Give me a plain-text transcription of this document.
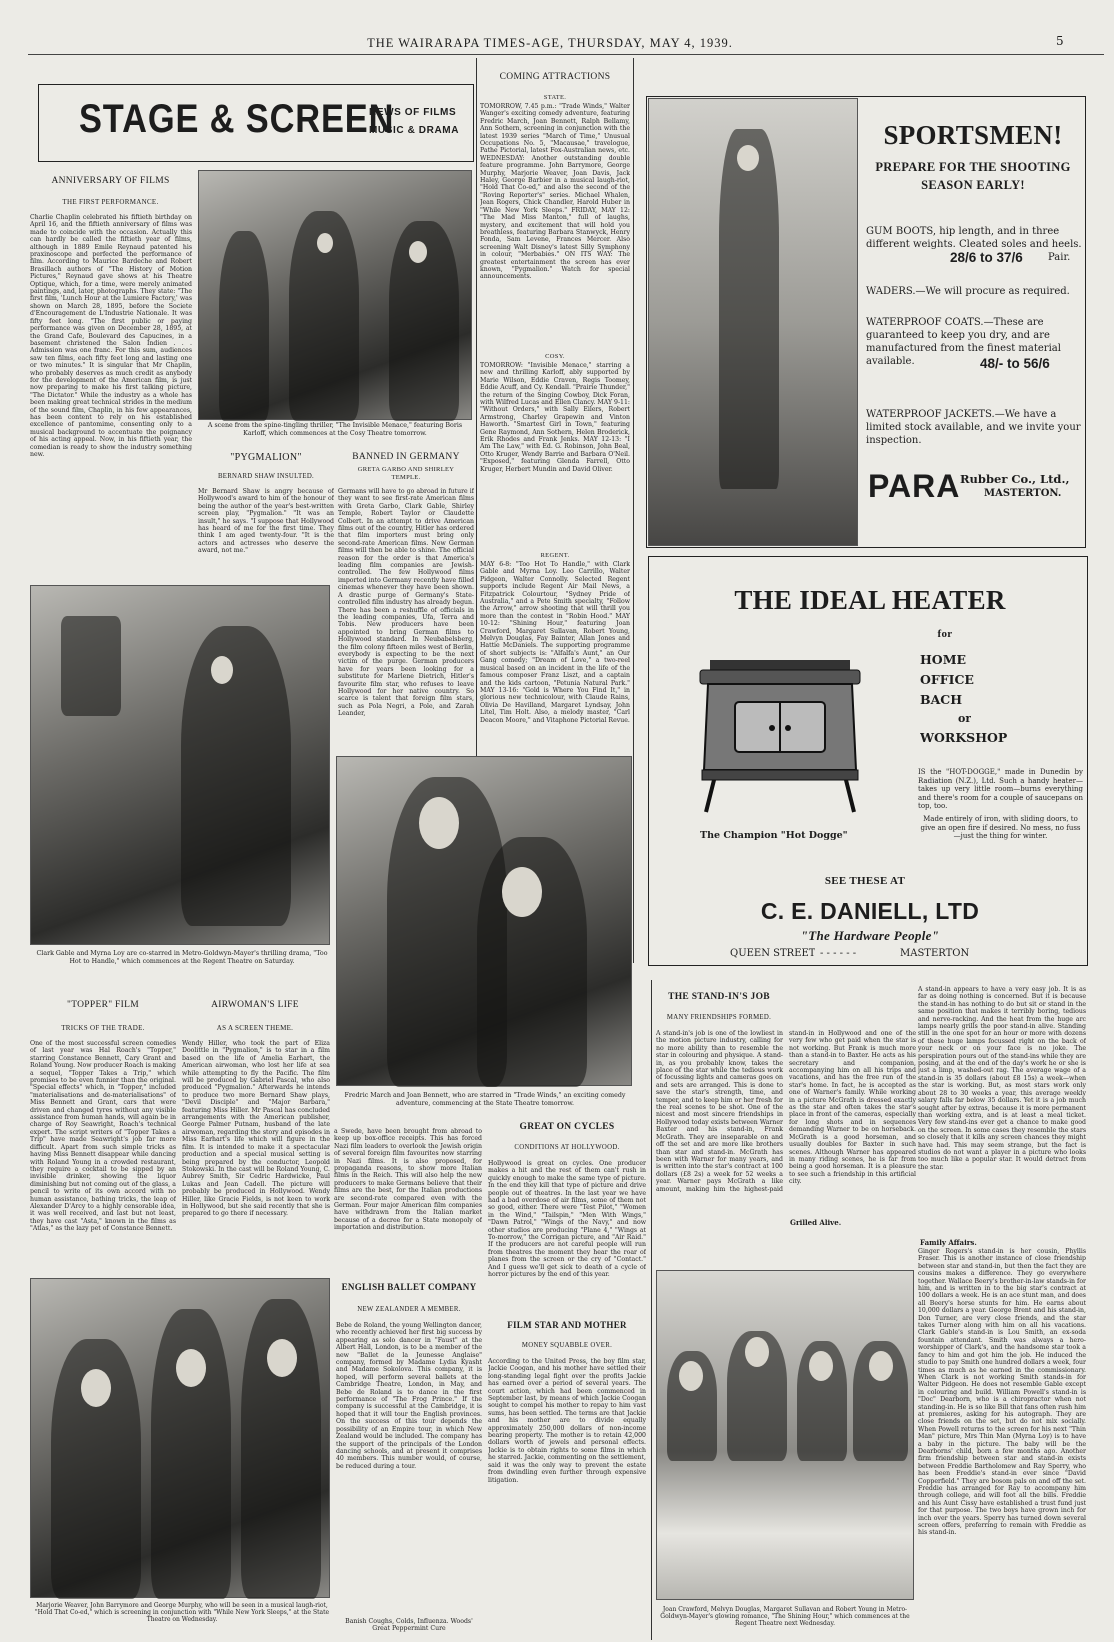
THE WAIRARAPA TIMES-AGE, THURSDAY, MAY 4, 1939.	5
STAGE & SCREEN
NEWS OF FILMS
MUSIC & DRAMA
ANNIVERSARY OF FILMS
THE FIRST PERFORMANCE.
Charlie Chaplin celebrated his fiftieth birthday on April 16, and the fiftieth anniversary of films was made to coincide with the occasion. Actually this can hardly be called the fiftieth year of films, although in 1889 Emile Reynaud patented his praxinoscope and perfected the performance of film. According to Maurice Bardeche and Robert Brasillach authors of "The History of Motion Pictures," Reynaud gave shows at his Theatre Optique, which, for a time, were merely animated paintings, and, later, photographs. They state: "The first film, 'Lunch Hour at the Lumiere Factory,' was shown on March 28, 1895, before the Societe d'Encouragement de L'Industrie Nationale. It was fifty feet long. "The first public or paying performance was given on December 28, 1895, at the Grand Cafe, Boulevard des Capucines, in a basement christened the Salon Indien . . . Admission was one franc. For this sum, audiences saw ten films, each fifty feet long and lasting one or two minutes." It is singular that Mr Chaplin, who probably deserves as much credit as anybody for the development of the American film, is just now preparing to make his first talking picture, "The Dictator." While the industry as a whole has been making great technical strides in the medium of the sound film, Chaplin, in his few appearances, has been content to rely on his established excellence of pantomime, consenting only to a musical background to accentuate the poignancy of his acting appeal. Now, in his fiftieth year, the comedian is ready to show the industry something new.
A scene from the spine-tingling thriller, "The Invisible Menace," featuring Boris Karloff, which commences at the Cosy Theatre tomorrow.
"PYGMALION"
BERNARD SHAW INSULTED.
Mr Bernard Shaw is angry because of Hollywood's award to him of the honour of being the author of the year's best-written screen play, "Pygmalion." "It was an insult," he says. "I suppose that Hollywood has heard of me for the first time. They think I am aged twenty-four. "It is the actors and actresses who deserve the award, not me."
BANNED IN GERMANY
GRETA GARBO AND SHIRLEY TEMPLE.
Germans will have to go abroad in future if they want to see first-rate American films with Greta Garbo, Clark Gable, Shirley Temple, Robert Taylor or Claudette Colbert. In an attempt to drive American films out of the country, Hitler has ordered that film importers must bring only second-rate American films. New German films will then be able to shine. The official reason for the order is that America's leading film companies are Jewish-controlled. The few Hollywood films imported into Germany recently have filled cinemas whenever they have been shown. A drastic purge of Germany's State-controlled film industry has already begun. There has been a reshuffle of officials in the leading companies, Ufa, Terra and Tobis. New producers have been appointed to bring German films to Hollywood standard. In Neubabelsberg, the film colony fifteen miles west of Berlin, everybody is expecting to be the next victim of the purge. German producers have for years been looking for a substitute for Marlene Dietrich, Hitler's favourite film star, who refuses to leave Hollywood for her native country. So scarce is talent that foreign film stars, such as Pola Negri, a Pole, and Zarah Leander,
Clark Gable and Myrna Loy are co-starred in Metro-Goldwyn-Mayer's thrilling drama, "Too Hot to Handle," which commences at the Regent Theatre on Saturday.
Fredric March and Joan Bennett, who are starred in "Trade Winds," an exciting comedy adventure, commencing at the State Theatre tomorrow.
COMING ATTRACTIONS
STATE.
TOMORROW, 7.45 p.m.: "Trade Winds," Walter Wanger's exciting comedy adventure, featuring Fredric March, Joan Bennett, Ralph Bellamy, Ann Sothern, screening in conjunction with the latest 1939 series "March of Time," Unusual Occupations No. 5, "Macausae," travelogue, Pathe Pictorial, latest Fox-Australian news, etc. WEDNESDAY: Another outstanding double feature programme. John Barrymore, George Murphy, Marjorie Weaver, Joan Davis, Jack Haley, George Barbier in a musical laugh-riot, "Hold That Co-ed," and also the second of the "Roving Reporter's" series. Michael Whalen, Jean Rogers, Chick Chandler, Harold Huber in "While New York Sleeps." FRIDAY, MAY 12: "The Mad Miss Manton," full of laughs, mystery, and excitement that will hold you breathless, featuring Barbara Stanwyck, Henry Fonda, Sam Levene, Frances Mercer. Also screening Walt Disney's latest Silly Symphony in colour, "Merbabies." ON ITS WAY: The greatest entertainment the screen has ever known, "Pygmalion." Watch for special announcements.
COSY.
TOMORROW: "Invisible Menace," starring a new and thrilling Karloff, ably supported by Marie Wilson, Eddie Craven, Regis Toomey, Eddie Acuff, and Cy. Kendall. "Prairie Thunder," the return of the Singing Cowboy, Dick Foran, with Wilfred Lucas and Ellen Clancy. MAY 9-11: "Without Orders," with Sally Eilers, Robert Armstrong, Charley Grapewin and Vinton Haworth. "Smartest Girl in Town," featuring Gene Raymond, Ann Sothern, Helen Broderick, Erik Rhodes and Frank Jenks. MAY 12-13: "I Am The Law," with Ed. G. Robinson, John Beal, Otto Kruger, Wendy Barrie and Barbara O'Neil. "Exposed," featuring Glenda Farrell, Otto Kruger, Herbert Mundin and David Oliver.
REGENT.
MAY 6-8: "Too Hot To Handle," with Clark Gable and Myrna Loy. Leo Carrillo, Walter Pidgeon, Walter Connolly. Selected Regent supports include Regent Air Mail News, a Fitzpatrick Colourtour, "Sydney Pride of Australia," and a Pete Smith specialty, "Follow the Arrow," arrow shooting that will thrill you more than the contest in "Robin Hood." MAY 10-12: "Shining Hour," featuring Joan Crawford, Margaret Sullavan, Robert Young, Melvyn Douglas, Fay Bainter, Allan Jones and Hattie McDaniels. The supporting programme of short subjects is: "Alfalfa's Aunt," an Our Gang comedy; "Dream of Love," a two-reel musical based on an incident in the life of the famous composer Franz Liszt, and a captain and the kids cartoon, "Petunia Natural Park." MAY 13-16: "Gold is Where You Find It," in glorious new technicolour, with Claude Rains, Olivia De Havilland, Margaret Lyndsay, John Litel, Tim Holt. Also, a melody master, "Carl Deacon Moore," and Vitaphone Pictorial Revue.
SPORTSMEN!
PREPARE FOR THE SHOOTING
SEASON EARLY!
GUM BOOTS, hip length, and in three different weights. Cleated soles and heels.
28/6 to 37/6	Pair.
WADERS.—We will procure as required.
WATERPROOF COATS.—These are guaranteed to keep you dry, and are manufactured from the finest material available.	48/- to 56/6
WATERPROOF JACKETS.—We have a limited stock available, and we invite your inspection.
PARA Rubber Co., Ltd.,
MASTERTON.
THE IDEAL HEATER
for
HOME
OFFICE
BACH
or
WORKSHOP
The Champion "Hot Dogge"
IS the "HOT-DOGGE," made in Dunedin by Radiation (N.Z.), Ltd. Such a handy heater—takes up very little room—burns everything and there's room for a couple of saucepans on top, too.
Made entirely of iron, with sliding doors, to give an open fire if desired. No mess, no fuss—just the thing for winter.
SEE THESE AT
C. E. DANIELL, LTD
"The Hardware People"
QUEEN STREET - - - - - -	MASTERTON
"TOPPER" FILM
TRICKS OF THE TRADE.
One of the most successful screen comedies of last year was Hal Roach's "Topper," starring Constance Bennett, Cary Grant and Roland Young. Now producer Roach is making a sequel, "Topper Takes a Trip," which promises to be even funnier than the original. "Special effects" which, in "Topper," included "materialisations and de-materialisations" of Miss Bennett and Grant, cars that were driven and changed tyres without any visible assistance from human hands, will again be in charge of Roy Seawright, Roach's technical expert. The script writers of "Topper Takes a Trip" have made Seawright's job far more difficult. Apart from such simple tricks as having Miss Bennett disappear while dancing with Roland Young in a crowded restaurant, they require a cocktail to be sipped by an invisible drinker, showing the liquor diminishing but not coming out of the glass, a pencil to write of its own accord with no human assistance, bathing tricks, the leap of Alexander D'Arcy to a highly censorable idea, it was well received, and last but not least, they have cast "Asta," known in the films as "Atlas," as the lazy pet of Constance Bennett.
AIRWOMAN'S LIFE
AS A SCREEN THEME.
Wendy Hiller, who took the part of Eliza Doolittle in "Pygmalion," is to star in a film based on the life of Amelia Earhart, the American airwoman, who lost her life at sea while attempting to fly the Pacific. The film will be produced by Gabriel Pascal, who also produced "Pygmalion." Afterwards he intends to produce two more Bernard Shaw plays, "Devil Disciple" and "Major Barbara," featuring Miss Hiller. Mr Pascal has concluded arrangements with the American publisher, George Palmer Putnam, husband of the late airwoman, regarding the story and episodes in Miss Earhart's life which will figure in the film. It is intended to make it a spectacular production and a special musical setting is being prepared by the conductor, Leopold Stokowski. In the cast will be Roland Young, C. Aubrey Smith, Sir Cedric Hardwicke, Paul Lukas and Jean Cadell. The picture will probably be produced in Hollywood. Wendy Hiller, like Gracie Fields, is not keen to work in Hollywood, but she said recently that she is prepared to go there if necessary.
a Swede, have been brought from abroad to keep up box-office receipts. This has forced Nazi film leaders to overlook the Jewish origin of several foreign film favourites now starring in Nazi films. It is also proposed, for propaganda reasons, to show more Italian films in the Reich. This will also help the new producers to make Germans believe that their films are the best, for the Italian productions are second-rate compared even with the German. Four major American film companies have withdrawn from the Italian market because of a decree for a State monopoly of importation and distribution.
Marjorie Weaver, John Barrymore and George Murphy, who will be seen in a musical laugh-riot, "Hold That Co-ed," which is screening in conjunction with "While New York Sleeps," at the State Theatre on Wednesday.
ENGLISH BALLET COMPANY
NEW ZEALANDER A MEMBER.
Bebe de Roland, the young Wellington dancer, who recently achieved her first big success by appearing as solo dancer in "Faust" at the Albert Hall, London, is to be a member of the new "Ballet de la Jeunesse Anglaise" company, formed by Madame Lydia Kyasht and Madame Sokolova. This company, it is hoped, will perform several ballets at the Cambridge Theatre, London, in May, and Bebe de Roland is to dance in the first performance of "The Frog Prince." If the company is successful at the Cambridge, it is hoped that it will tour the English provinces. On the success of this tour depends the possibility of an Empire tour, in which New Zealand would be included. The company has the support of the principals of the London dancing schools, and at present it comprises 40 members. This number would, of course, be reduced during a tour.
Banish Coughs, Colds, Influenza. Woods' Great Peppermint Cure
GREAT ON CYCLES
CONDITIONS AT HOLLYWOOD.
Hollywood is great on cycles. One producer makes a hit and the rest of them can't rush in quickly enough to make the same type of picture. In the end they kill that type of picture and drive people out of theatres. In the last year we have had a bad overdose of air films, some of them not so good, either. There were "Test Pilot," "Women in the Wind," "Tailspin," "Men With Wings," "Dawn Patrol," "Wings of the Navy," and now other studios are producing "Plane 4," "Wings at To-morrow," the Corrigan picture, and "Air Raid." If the producers are not careful people will run from theatres the moment they hear the roar of planes from the screen or the cry of "Contact." And I guess we'll get sick to death of a cycle of horror pictures by the end of this year.
FILM STAR AND MOTHER
MONEY SQUABBLE OVER.
According to the United Press, the boy film star, Jackie Coogan, and his mother have settled their long-standing legal fight over the profits Jackie has earned over a period of several years. The court action, which had been commenced in September last, by means of which Jackie Coogan sought to compel his mother to repay to him vast sums, has been settled. The terms are that Jackie and his mother are to divide equally approximately 250,000 dollars of non-income bearing property. The mother is to retain 42,000 dollars worth of jewels and personal effects. Jackie is to obtain rights to some films in which he starred. Jackie, commenting on the settlement, said it was the only way to prevent the estate from dwindling even further through expensive litigation.
THE STAND-IN'S JOB
MANY FRIENDSHIPS FORMED.
A stand-in's job is one of the lowliest in the motion picture industry, calling for no more ability than to resemble the star in colouring and physique. A stand-in, as you probably know, takes the place of the star while the tedious work of focussing lights and cameras goes on and sets are arranged. This is done to save the star's strength, time, and temper, and to keep him or her fresh for the real scenes to be shot. One of the nicest and most sincere friendships in Hollywood today exists between Warner Baxter and his stand-in, Frank McGrath. They are inseparable on and off the set and are more like brothers than star and stand-in. McGrath has been with Warner for many years, and is written into the star's contract at 100 dollars (£8 2s) a week for 52 weeks a year. Warner pays McGrath a like amount, making him the highest-paid stand-in in Hollywood and one of the very few who get paid when the star is not working. But Frank is much more than a stand-in to Baxter. He acts as his secretary and companion, accompanying him on all his trips and vacations, and has the free run of the star's home. In fact, he is accepted as one of Warner's family. While working in a picture McGrath is dressed exactly as the star and often takes the star's place in front of the cameras, especially for long shots and in sequences demanding Warner to be on horseback. McGrath is a good horseman, and usually doubles for Baxter in such scenes. Although Warner has appeared in many riding scenes, he is far from being a good horseman. It is a pleasure to see such a friendship in this artificial city.
Grilled Alive.
A stand-in appears to have a very easy job. It is as far as doing nothing is concerned. But it is because the stand-in has nothing to do but sit or stand in the same position that makes it terribly boring, tedious and nerve-racking. And the heat from the huge arc lamps nearly grills the poor stand-in alive. Standing still in the one spot for an hour or more with dozens of these huge lamps focussed right on the back of your neck or on your face is no joke. The perspiration pours out of the stand-ins while they are posing, and at the end of the day's work he or she is just a limp, washed-out rag. The average wage of a stand-in is 35 dollars (about £8 15s) a week—when the star is working. But, as most stars work only about 28 to 30 weeks a year, this average weekly salary falls far below 35 dollars. Yet it is a job much sought after by extras, because it is more permanent than working extra, and is at least a meal ticket. Very few stand-ins ever get a chance to make good on the screen. In some cases they resemble the stars so closely that it kills any screen chances they might have had. This may seem strange, but the fact is studios do not want a player in a picture who looks too much like a popular star. It would detract from the star.
Family Affairs.
Ginger Rogers's stand-in is her cousin, Phyllis Fraser. This is another instance of close friendship between star and stand-in, but then the fact they are cousins makes a difference. They go everywhere together. Wallace Beery's brother-in-law stands-in for him, and is written in to the big star's contract at 100 dollars a week. He is an ace stunt man, and does all Beery's horse stunts for him. He earns about 10,000 dollars a year. George Brent and his stand-in, Don Turner, are very close friends, and the star takes Turner along with him on all his vacations. Clark Gable's stand-in is Lou Smith, an ex-soda fountain attendant. Smith was always a hero-worshipper of Clark's, and the handsome star took a fancy to him and got him the job. He induced the studio to pay Smith one hundred dollars a week, four times as much as he earned in the commissionary. When Clark is not working Smith stands-in for Walter Pidgeon. He does not resemble Gable except in colouring and build. William Powell's stand-in is "Doc" Dearborn, who is a chiropractor when not standing-in. He is so like Bill that fans often rush him at premieres, asking for his autograph. They are close friends on the set, but do not mix socially. When Powell returns to the screen for his next "Thin Man" picture, Mrs Thin Man (Myrna Loy) is to have a baby in the picture. The baby will be the Dearborns' child, born a few months ago. Another firm friendship between star and stand-in exists between Freddie Bartholomew and Ray Sperry, who has been Freddie's stand-in ever since "David Copperfield." They are bosom pals on and off the set. Freddie has arranged for Ray to accompany him through college, and will foot all the bills. Freddie and his Aunt Cissy have established a trust fund just for that purpose. The two boys have grown inch for inch over the years. Sperry has turned down several screen offers, preferring to remain with Freddie as his stand-in.
Joan Crawford, Melvyn Douglas, Margaret Sullavan and Robert Young in Metro-Goldwyn-Mayer's glowing romance, "The Shining Hour," which commences at the Regent Theatre next Wednesday.
